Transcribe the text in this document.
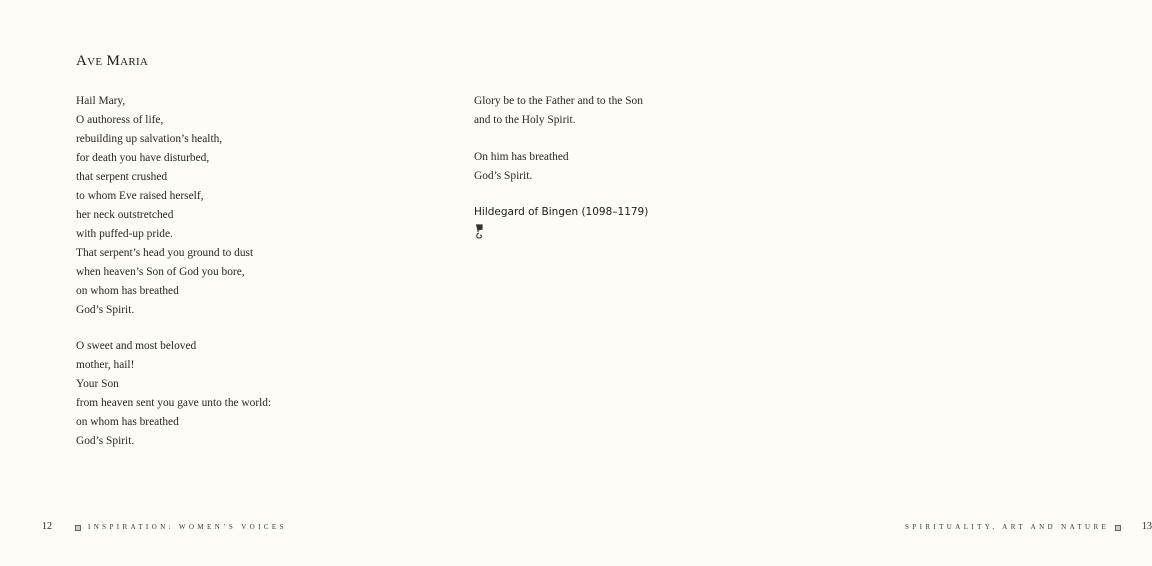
Ave Maria
Hail Mary,
O authoress of life,
rebuilding up salvation’s health,
for death you have disturbed,
that serpent crushed
to whom Eve raised herself,
her neck outstretched
with puffed-up pride.
That serpent’s head you ground to dust
when heaven’s Son of God you bore,
on whom has breathed
God’s Spirit.
O sweet and most beloved
mother, hail!
Your Son
from heaven sent you gave unto the world:
on whom has breathed
God’s Spirit.
12	INSPIRATION: WOMEN’S VOICES
Glory be to the Father and to the Son
and to the Holy Spirit.
On him has breathed
God’s Spirit.
Hildegard of Bingen (1098–1179)
SPIRITUALITY, ART AND NATURE	13
